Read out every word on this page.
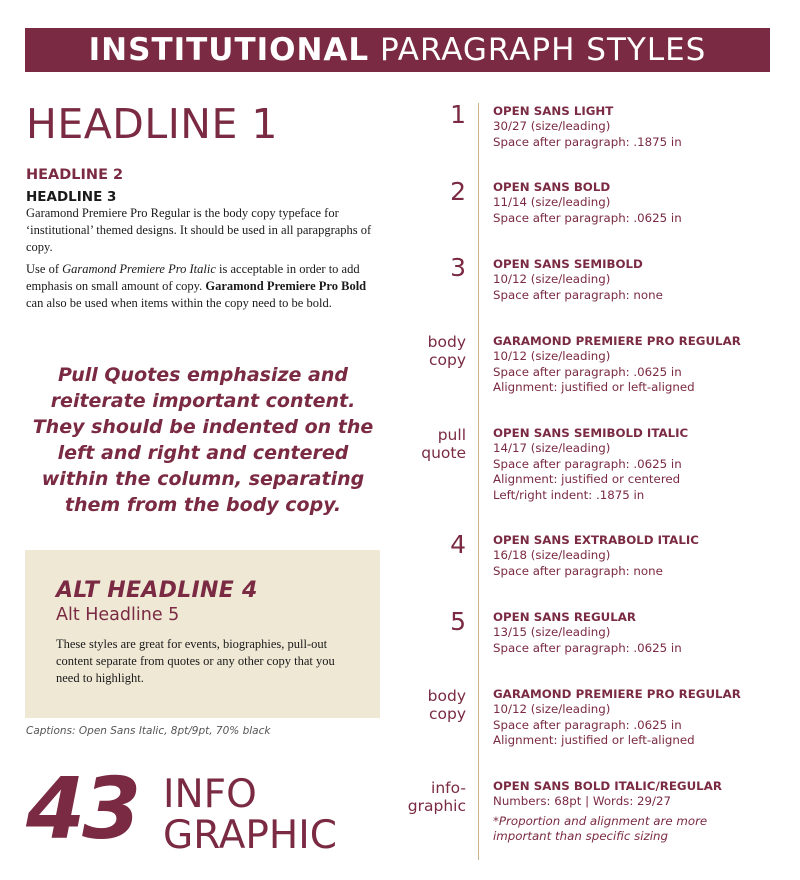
INSTITUTIONAL PARAGRAPH STYLES
HEADLINE 1
HEADLINE 2
HEADLINE 3

Garamond Premiere Pro Regular is the body copy typeface for ‘institutional’ themed designs. It should be used in all parapgraphs of copy.

Use of Garamond Premiere Pro Italic is acceptable in order to add emphasis on small amount of copy. Garamond Premiere Pro Bold can also be used when items within the copy need to be bold.

Pull Quotes emphasize and reiterate important content. They should be indented on the left and right and centered within the column, separating them from the body copy.
ALT HEADLINE 4
Alt Headline 5

These styles are great for events, biographies, pull-out content separate from quotes or any other copy that you need to highlight.

Captions: Open Sans Italic, 8pt/9pt, 70% black
43 INFO
GRAPHIC
1 OPEN SANS LIGHT
30/27 (size/leading)
Space after paragraph: .1875 in
2 OPEN SANS BOLD
11/14 (size/leading)
Space after paragraph: .0625 in
3 OPEN SANS SEMIBOLD
10/12 (size/leading)
Space after paragraph: none
body
copy
GARAMOND PREMIERE PRO REGULAR
10/12 (size/leading)
Space after paragraph: .0625 in
Alignment: justified or left-aligned
pull
quote
OPEN SANS SEMIBOLD ITALIC
14/17 (size/leading)
Space after paragraph: .0625 in
Alignment: justified or centered
Left/right indent: .1875 in
4 OPEN SANS EXTRABOLD ITALIC
16/18 (size/leading)
Space after paragraph: none
5 OPEN SANS REGULAR
13/15 (size/leading)
Space after paragraph: .0625 in
body
copy
GARAMOND PREMIERE PRO REGULAR
10/12 (size/leading)
Space after paragraph: .0625 in
Alignment: justified or left-aligned
info-
graphic
OPEN SANS BOLD ITALIC/REGULAR
Numbers: 68pt | Words: 29/27
*Proportion and alignment are more
important than specific sizing
